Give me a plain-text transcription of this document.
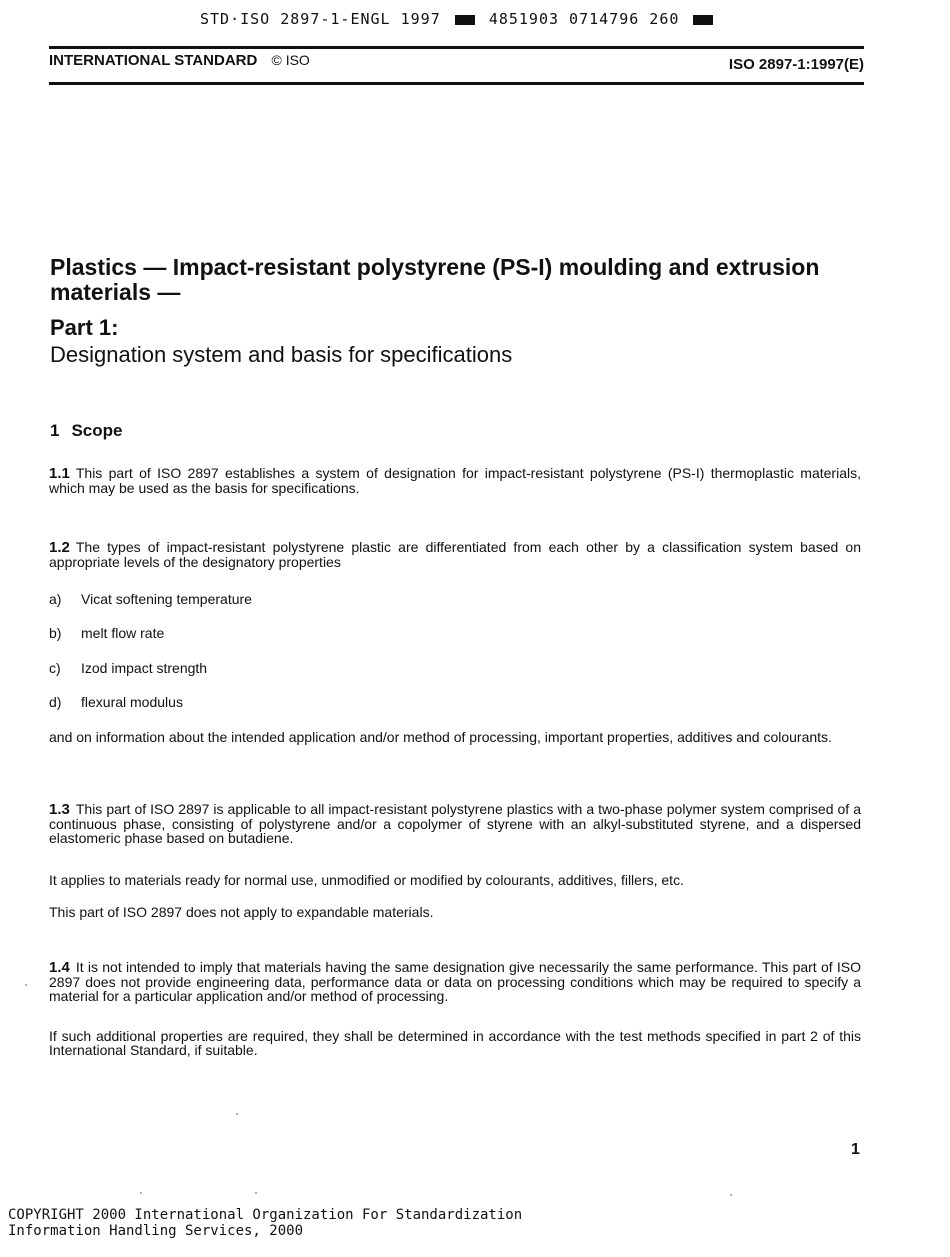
STD·ISO 2897-1-ENGL 1997	4851903 0714796 260
INTERNATIONAL STANDARD © ISO	ISO 2897-1:1997(E)
Plastics — Impact-resistant polystyrene (PS-I) moulding and extrusion materials —
Part 1:
Designation system and basis for specifications
1 Scope
1.1 This part of ISO 2897 establishes a system of designation for impact-resistant polystyrene (PS-I) thermoplastic materials, which may be used as the basis for specifications.
1.2 The types of impact-resistant polystyrene plastic are differentiated from each other by a classification system based on appropriate levels of the designatory properties
a) Vicat softening temperature
b) melt flow rate
c) Izod impact strength
d) flexural modulus
and on information about the intended application and/or method of processing, important properties, additives and colourants.
1.3 This part of ISO 2897 is applicable to all impact-resistant polystyrene plastics with a two-phase polymer system comprised of a continuous phase, consisting of polystyrene and/or a copolymer of styrene with an alkyl-substituted styrene, and a dispersed elastomeric phase based on butadiene.
It applies to materials ready for normal use, unmodified or modified by colourants, additives, fillers, etc.
This part of ISO 2897 does not apply to expandable materials.
1.4 It is not intended to imply that materials having the same designation give necessarily the same performance. This part of ISO 2897 does not provide engineering data, performance data or data on processing conditions which may be required to specify a material for a particular application and/or method of processing.
If such additional properties are required, they shall be determined in accordance with the test methods specified in part 2 of this International Standard, if suitable.
1
COPYRIGHT 2000 International Organization For Standardization
Information Handling Services, 2000
